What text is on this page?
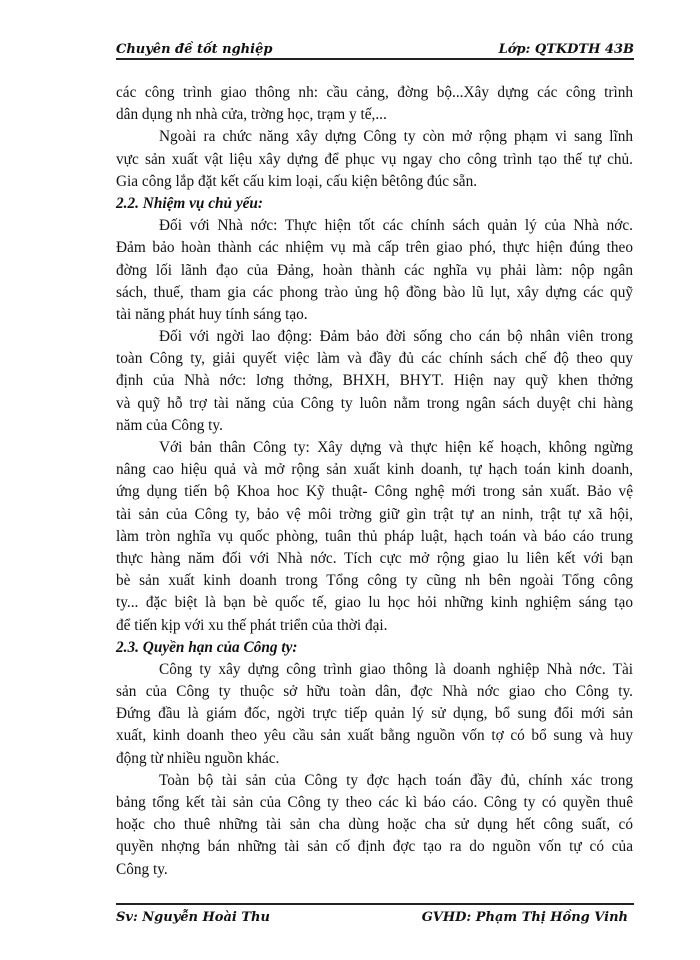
Chuyên đề tốt nghiệp	Lớp: QTKDTH 43B
các công trình giao thông nh: cầu cảng, đờng bộ...Xây dựng các công trình
dân dụng nh nhà cửa, trờng học, trạm y tế,...
Ngoài ra chức năng xây dựng Công ty còn mở rộng phạm vi sang lĩnh
vực sản xuất vật liệu xây dựng để phục vụ ngay cho công trình tạo thế tự chủ.
Gia công lắp đặt kết cấu kim loại, cấu kiện bêtông đúc sẵn.
2.2. Nhiệm vụ chủ yếu:
Đối với Nhà nớc: Thực hiện tốt các chính sách quản lý của Nhà nớc.
Đảm bảo hoàn thành các nhiệm vụ mà cấp trên giao phó, thực hiện đúng theo
đờng lối lãnh đạo của Đảng, hoàn thành các nghĩa vụ phải làm: nộp ngân
sách, thuế, tham gia các phong trào ủng hộ đồng bào lũ lụt, xây dựng các quỹ
tài năng phát huy tính sáng tạo.
Đối với ngời lao động: Đảm bảo đời sống cho cán bộ nhân viên trong
toàn Công ty, giải quyết việc làm và đầy đủ các chính sách chế độ theo quy
định của Nhà nớc: lơng thởng, BHXH, BHYT. Hiện nay quỹ khen thởng
và quỹ hỗ trợ tài năng của Công ty luôn nằm trong ngân sách duyệt chi hàng
năm của Công ty.
Với bản thân Công ty: Xây dựng và thực hiện kế hoạch, không ngừng
nâng cao hiệu quả và mở rộng sản xuất kinh doanh, tự hạch toán kinh doanh,
ứng dụng tiến bộ Khoa hoc Kỹ thuật- Công nghệ mới trong sản xuất. Bảo vệ
tài sản của Công ty, bảo vệ môi trờng giữ gìn trật tự an ninh, trật tự xã hội,
làm tròn nghĩa vụ quốc phòng, tuân thủ pháp luật, hạch toán và báo cáo trung
thực hàng năm đối với Nhà nớc. Tích cực mở rộng giao lu liên kết với bạn
bè sản xuất kinh doanh trong Tổng công ty cũng nh bên ngoài Tổng công
ty... đặc biệt là bạn bè quốc tế, giao lu học hỏi những kinh nghiệm sáng tạo
để tiến kịp với xu thế phát triển của thời đại.
2.3. Quyền hạn của Công ty:
Công ty xây dựng công trình giao thông là doanh nghiệp Nhà nớc. Tài
sản của Công ty thuộc sở hữu toàn dân, đợc Nhà nớc giao cho Công ty.
Đứng đầu là giám đốc, ngời trực tiếp quản lý sử dụng, bổ sung đổi mới sản
xuất, kinh doanh theo yêu cầu sản xuất bằng nguồn vốn tợ có bổ sung và huy
động từ nhiều nguồn khác.
Toàn bộ tài sản của Công ty đợc hạch toán đầy đủ, chính xác trong
bảng tổng kết tài sản của Công ty theo các kì báo cáo. Công ty có quyền thuê
hoặc cho thuê những tài sản cha dùng hoặc cha sử dụng hết công suất, có
quyền nhợng bán những tài sản cố định đợc tạo ra do nguồn vốn tự có của
Công ty.
Sv: Nguyễn Hoài Thu	GVHD: Phạm Thị Hồng Vinh
